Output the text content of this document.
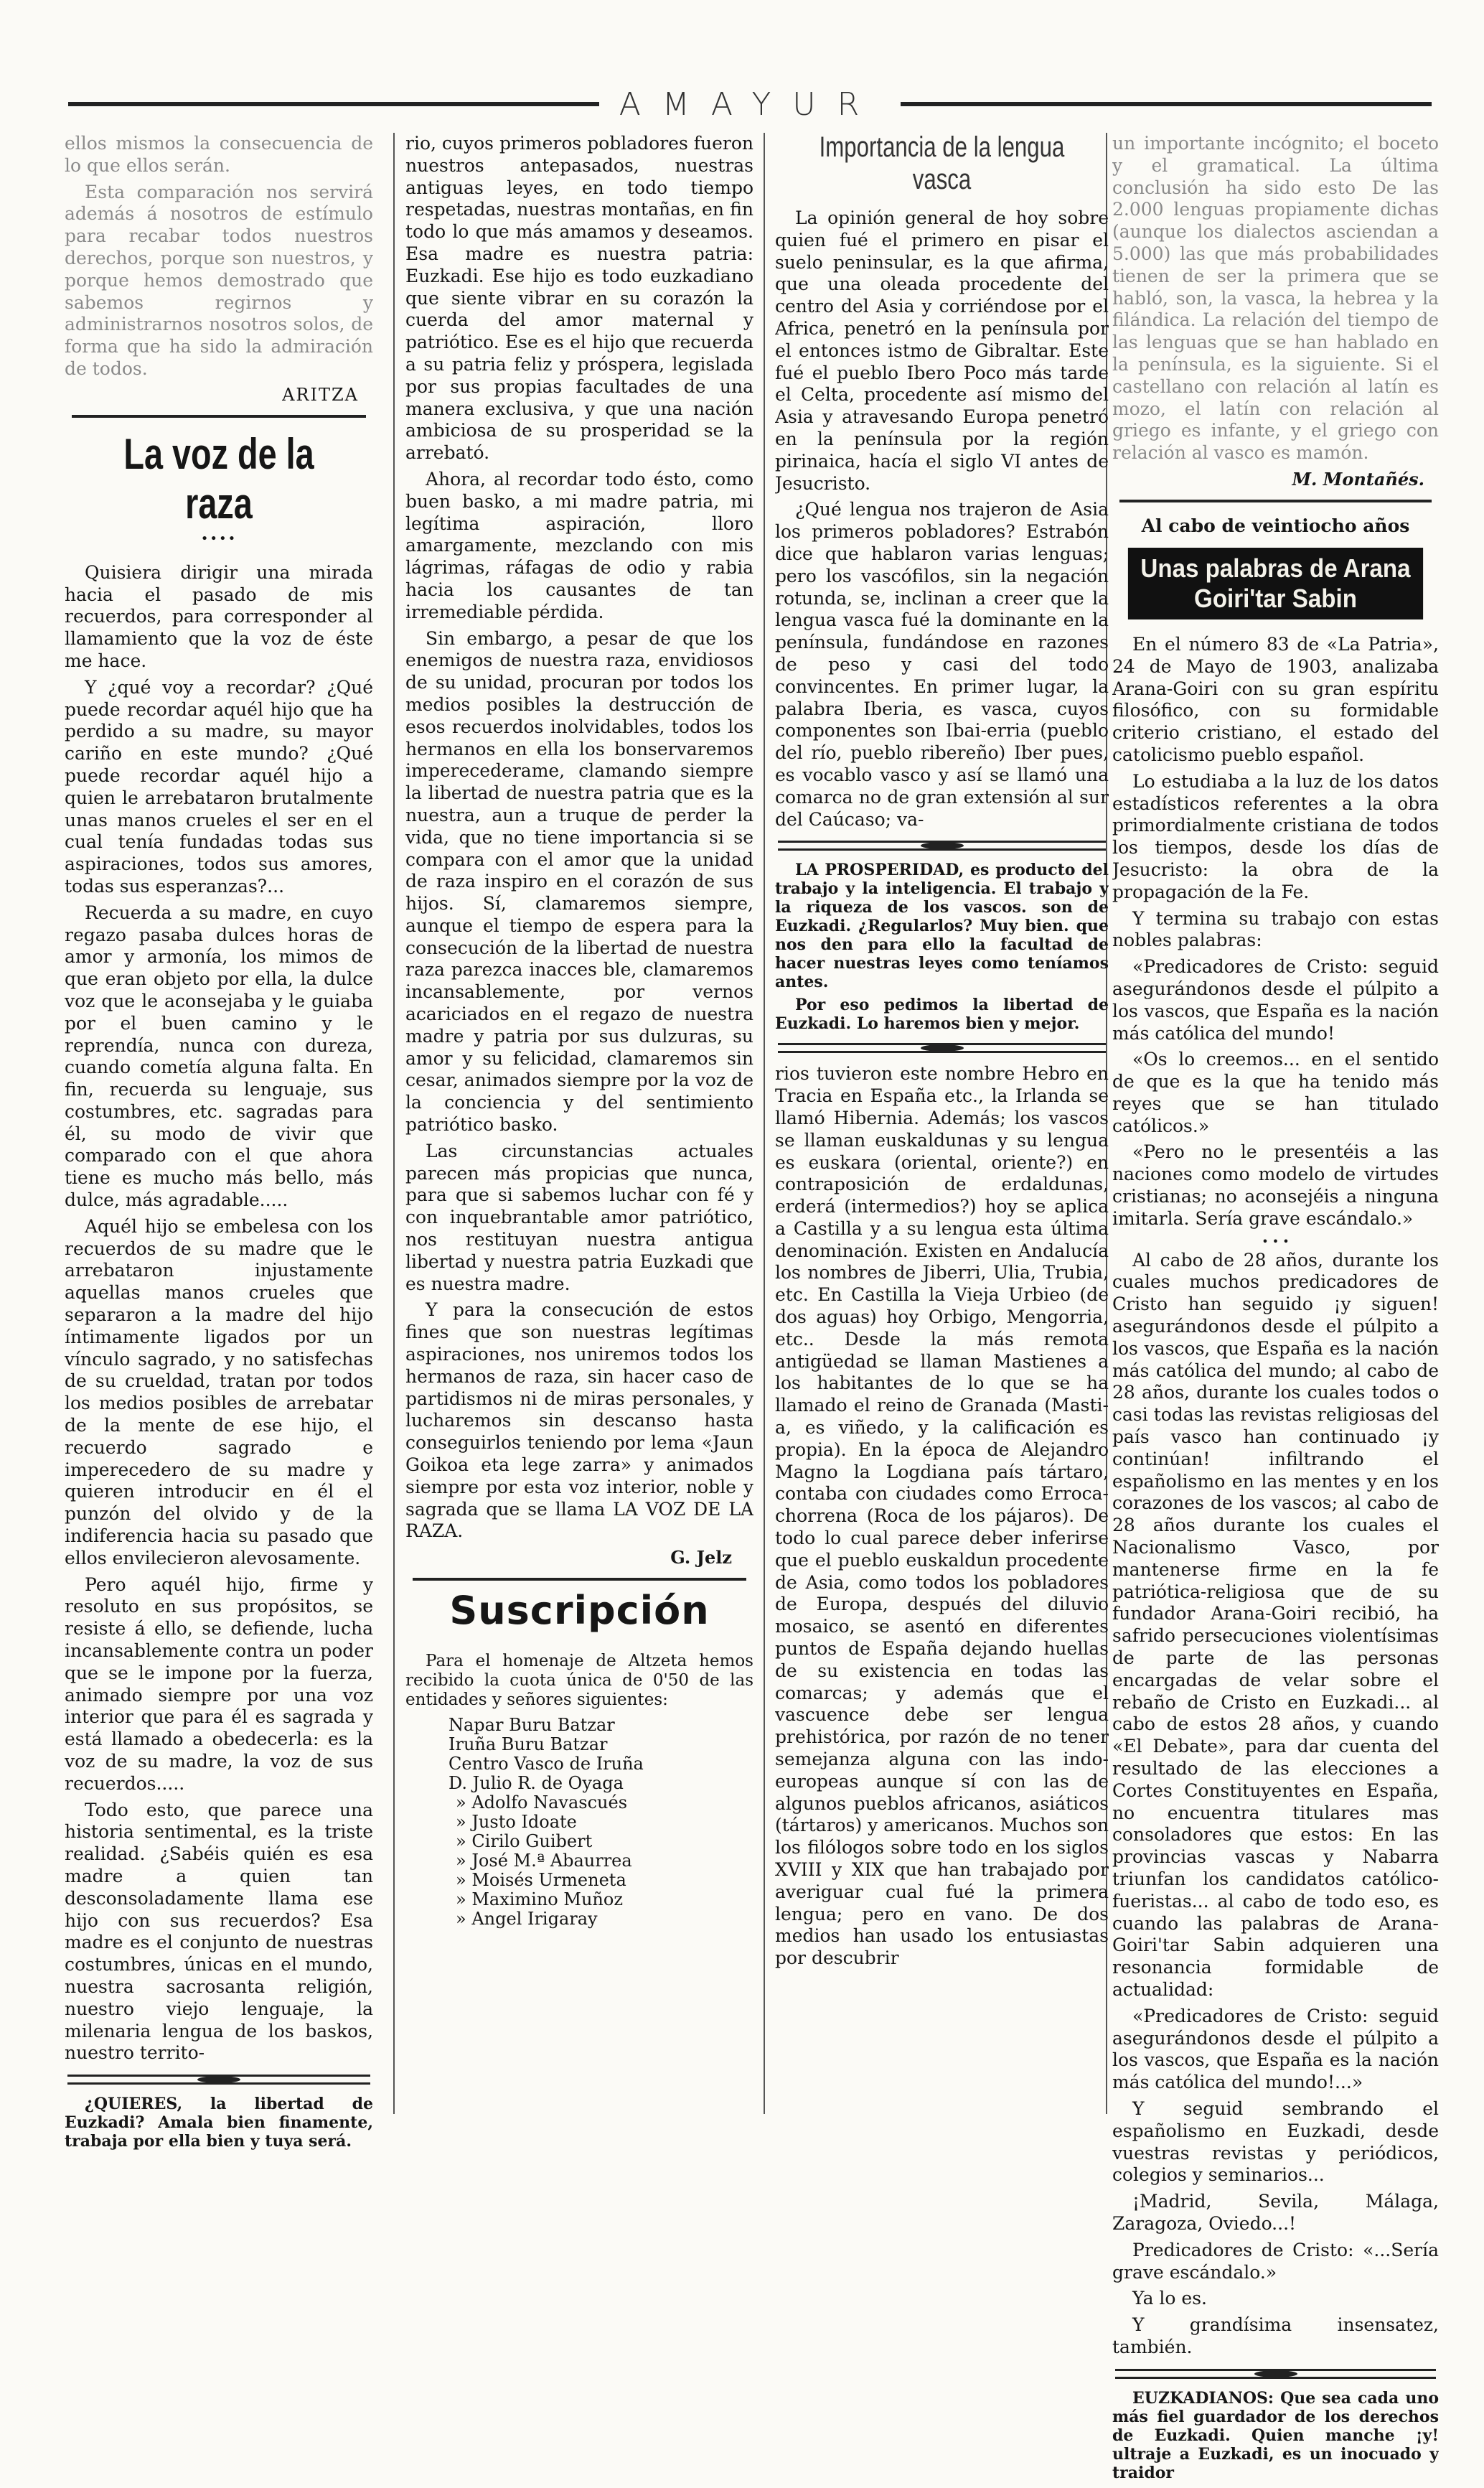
AMAYUR

ellos mismos la consecuencia de lo que ellos serán.

Esta comparación nos servirá además á nosotros de estímulo para recabar todos nuestros derechos, porque son nuestros, y porque hemos demostrado que sabemos regirnos y administrarnos nosotros solos, de forma que ha sido la admiración de todos.

ARITZA
La voz de la raza
••••

Quisiera dirigir una mirada hacia el pasado de mis recuerdos, para corresponder al llamamiento que la voz de éste me hace.

Y ¿qué voy a recordar? ¿Qué puede recordar aquél hijo que ha perdido a su madre, su mayor cariño en este mundo? ¿Qué puede recordar aquél hijo a quien le arrebataron brutalmente unas manos crueles el ser en el cual tenía fundadas todas sus aspiraciones, todos sus amores, todas sus esperanzas?...

Recuerda a su madre, en cuyo regazo pasaba dulces horas de amor y armonía, los mimos de que eran objeto por ella, la dulce voz que le aconsejaba y le guiaba por el buen camino y le reprendía, nunca con dureza, cuando cometía alguna falta. En fin, recuerda su lenguaje, sus costumbres, etc. sagradas para él, su modo de vivir que comparado con el que ahora tiene es mucho más bello, más dulce, más agradable.....

Aquél hijo se embelesa con los recuerdos de su madre que le arrebataron injustamente aquellas manos crueles que separaron a la madre del hijo íntimamente ligados por un vínculo sagrado, y no satisfechas de su crueldad, tratan por todos los medios posibles de arrebatar de la mente de ese hijo, el recuerdo sagrado e imperecedero de su madre y quieren introducir en él el punzón del olvido y de la indiferencia hacia su pasado que ellos envilecieron alevosamente.

Pero aquél hijo, firme y resoluto en sus propósitos, se resiste á ello, se defiende, lucha incansablemente contra un poder que se le impone por la fuerza, animado siempre por una voz interior que para él es sagrada y está llamado a obedecerla: es la voz de su madre, la voz de sus recuerdos.....

Todo esto, que parece una historia sentimental, es la triste realidad. ¿Sabéis quién es esa madre a quien tan desconsoladamente llama ese hijo con sus recuerdos? Esa madre es el conjunto de nuestras costumbres, únicas en el mundo, nuestra sacrosanta religión, nuestro viejo lenguaje, la milenaria lengua de los baskos, nuestro territo-

¿QUIERES, la libertad de Euzkadi? Amala bien finamente, trabaja por ella bien y tuya será.

rio, cuyos primeros pobladores fueron nuestros antepasados, nuestras antiguas leyes, en todo tiempo respetadas, nuestras montañas, en fin todo lo que más amamos y deseamos. Esa madre es nuestra patria: Euzkadi. Ese hijo es todo euzkadiano que siente vibrar en su corazón la cuerda del amor maternal y patriótico. Ese es el hijo que recuerda a su patria feliz y próspera, legislada por sus propias facultades de una manera exclusiva, y que una nación ambiciosa de su prosperidad se la arrebató.

Ahora, al recordar todo ésto, como buen basko, a mi madre patria, mi legítima aspiración, lloro amargamente, mezclando con mis lágrimas, ráfagas de odio y rabia hacia los causantes de tan irremediable pérdida.

Sin embargo, a pesar de que los enemigos de nuestra raza, envidiosos de su unidad, procuran por todos los medios posibles la destrucción de esos recuerdos inolvidables, todos los hermanos en ella los bonservaremos imperecederame, clamando siempre la libertad de nuestra patria que es la nuestra, aun a truque de perder la vida, que no tiene importancia si se compara con el amor que la unidad de raza inspiro en el corazón de sus hijos. Sí, clamaremos siempre, aunque el tiempo de espera para la consecución de la libertad de nuestra raza parezca inacces ble, clamaremos incansablemente, por vernos acariciados en el regazo de nuestra madre y patria por sus dulzuras, su amor y su felicidad, clamaremos sin cesar, animados siempre por la voz de la conciencia y del sentimiento patriótico basko.

Las circunstancias actuales parecen más propicias que nunca, para que si sabemos luchar con fé y con inquebrantable amor patriótico, nos restituyan nuestra antigua libertad y nuestra patria Euzkadi que es nuestra madre.

Y para la consecución de estos fines que son nuestras legítimas aspiraciones, nos uniremos todos los hermanos de raza, sin hacer caso de partidismos ni de miras personales, y lucharemos sin descanso hasta conseguirlos teniendo por lema «Jaun Goikoa eta lege zarra» y animados siempre por esta voz interior, noble y sagrada que se llama LA VOZ DE LA RAZA.

G. Jelz
Suscripción

Para el homenaje de Altzeta hemos recibido la cuota única de 0'50 de las entidades y señores siguientes:

Napar Buru Batzar
Iruña Buru Batzar
Centro Vasco de Iruña
D. Julio R. de Oyaga
» Adolfo Navascués
» Justo Idoate
» Cirilo Guibert
» José M.ª Abaurrea
» Moisés Urmeneta
» Maximino Muñoz
» Angel Irigaray
Importancia de la lengua vasca

La opinión general de hoy sobre quien fué el primero en pisar el suelo peninsular, es la que afirma, que una oleada procedente del centro del Asia y corriéndose por el Africa, penetró en la península por el entonces istmo de Gibraltar. Este fué el pueblo Ibero Poco más tarde el Celta, procedente así mismo del Asia y atravesando Europa penetró en la península por la región pirinaica, hacía el siglo VI antes de Jesucristo.

¿Qué lengua nos trajeron de Asia los primeros pobladores? Estrabón dice que hablaron varias lenguas; pero los vascófilos, sin la negación rotunda, se, inclinan a creer que la lengua vasca fué la dominante en la península, fundándose en razones de peso y casi del todo convincentes. En primer lugar, la palabra Iberia, es vasca, cuyos componentes son Ibai-erria (pueblo del río, pueblo ribereño) Iber pues, es vocablo vasco y así se llamó una comarca no de gran extensión al sur del Caúcaso; va-

LA PROSPERIDAD, es producto del trabajo y la inteligencia. El trabajo y la riqueza de los vascos. son de Euzkadi. ¿Regularlos? Muy bien. que nos den para ello la facultad de hacer nuestras leyes como teníamos antes.

Por eso pedimos la libertad de Euzkadi. Lo haremos bien y mejor.

rios tuvieron este nombre Hebro en Tracia en España etc., la Irlanda se llamó Hibernia. Además; los vascos se llaman euskaldunas y su lengua es euskara (oriental, oriente?) en contraposición de erdaldunas, erderá (intermedios?) hoy se aplica a Castilla y a su lengua esta última denominación. Existen en Andalucía los nombres de Jiberri, Ulia, Trubia, etc. En Castilla la Vieja Urbieo (de dos aguas) hoy Orbigo, Mengorria, etc.. Desde la más remota antigüedad se llaman Mastienes a los habitantes de lo que se ha llamado el reino de Granada (Masti-a, es viñedo, y la calificación es propia). En la época de Alejandro Magno la Logdiana país tártaro, contaba con ciudades como Erroca-chorrena (Roca de los pájaros). De todo lo cual parece deber inferirse que el pueblo euskaldun procedente de Asia, como todos los pobladores de Europa, después del diluvio mosaico, se asentó en diferentes puntos de España dejando huellas de su existencia en todas las comarcas; y además que el vascuence debe ser lengua prehistórica, por razón de no tener semejanza alguna con las indo-europeas aunque sí con las de algunos pueblos africanos, asiáticos (tártaros) y americanos. Muchos son los filólogos sobre todo en los siglos XVIII y XIX que han trabajado por averiguar cual fué la primera lengua; pero en vano. De dos medios han usado los entusiastas por descubrir

un importante incógnito; el boceto y el gramatical. La última conclusión ha sido esto De las 2.000 lenguas propiamente dichas (aunque los dialectos asciendan a 5.000) las que más probabilidades tienen de ser la primera que se habló, son, la vasca, la hebrea y la filándica. La relación del tiempo de las lenguas que se han hablado en la península, es la siguiente. Si el castellano con relación al latín es mozo, el latín con relación al griego es infante, y el griego con relación al vasco es mamón.

M. Montañés.
Al cabo de veintiocho años
Unas palabras de Arana Goiri'tar Sabin

En el número 83 de «La Patria», 24 de Mayo de 1903, analizaba Arana-Goiri con su gran espíritu filosófico, con su formidable criterio cristiano, el estado del catolicismo pueblo español.

Lo estudiaba a la luz de los datos estadísticos referentes a la obra primordialmente cristiana de todos los tiempos, desde los días de Jesucristo: la obra de la propagación de la Fe.

Y termina su trabajo con estas nobles palabras:

«Predicadores de Cristo: seguid asegurándonos desde el púlpito a los vascos, que España es la nación más católica del mundo!

«Os lo creemos... en el sentido de que es la que ha tenido más reyes que se han titulado católicos.»

«Pero no le presentéis a las naciones como modelo de virtudes cristianas; no aconsejéis a ninguna imitarla. Sería grave escándalo.»

• • •

Al cabo de 28 años, durante los cuales muchos predicadores de Cristo han seguido ¡y siguen! asegurándonos desde el púlpito a los vascos, que España es la nación más católica del mundo; al cabo de 28 años, durante los cuales todos o casi todas las revistas religiosas del país vasco han continuado ¡y continúan! infiltrando el españolismo en las mentes y en los corazones de los vascos; al cabo de 28 años durante los cuales el Nacionalismo Vasco, por mantenerse firme en la fe patriótica-religiosa que de su fundador Arana-Goiri recibió, ha safrido persecuciones violentísimas de parte de las personas encargadas de velar sobre el rebaño de Cristo en Euzkadi... al cabo de estos 28 años, y cuando «El Debate», para dar cuenta del resultado de las elecciones a Cortes Constituyentes en España, no encuentra titulares mas consoladores que estos: En las provincias vascas y Nabarra triunfan los candidatos católico-fueristas... al cabo de todo eso, es cuando las palabras de Arana-Goiri'tar Sabin adquieren una resonancia formidable de actualidad:

«Predicadores de Cristo: seguid asegurándonos desde el púlpito a los vascos, que España es la nación más católica del mundo!...»

Y seguid sembrando el españolismo en Euzkadi, desde vuestras revistas y periódicos, colegios y seminarios...

¡Madrid, Sevila, Málaga, Zaragoza, Oviedo...!

Predicadores de Cristo: «...Sería grave escándalo.»

Ya lo es.

Y grandísima insensatez, también.

EUZKADIANOS: Que sea cada uno más fiel guardador de los derechos de Euzkadi. Quien manche ¡y! ultraje a Euzkadi, es un inocuado y traidor
